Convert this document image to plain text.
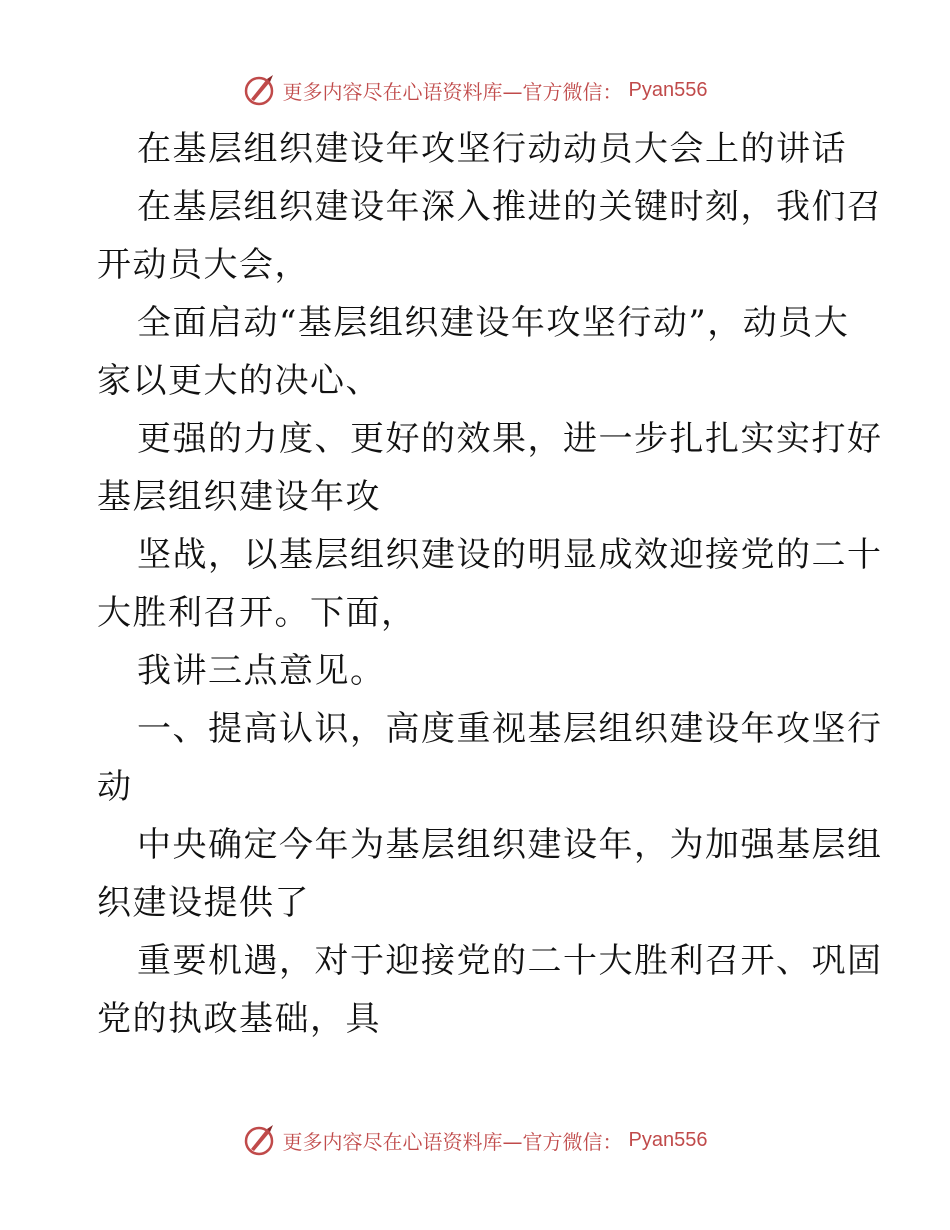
更多内容尽在心语资料库—官方微信： Pyan556
在基层组织建设年攻坚行动动员大会上的讲话
在基层组织建设年深入推进的关键时刻，我们召
开动员大会，
全面启动“基层组织建设年攻坚行动”，动员大
家以更大的决心、
更强的力度、更好的效果，进一步扎扎实实打好
基层组织建设年攻
坚战，以基层组织建设的明显成效迎接党的二十
大胜利召开。下面，
我讲三点意见。
一、提高认识，高度重视基层组织建设年攻坚行
动
中央确定今年为基层组织建设年，为加强基层组
织建设提供了
重要机遇，对于迎接党的二十大胜利召开、巩固
党的执政基础，具
更多内容尽在心语资料库—官方微信： Pyan556
